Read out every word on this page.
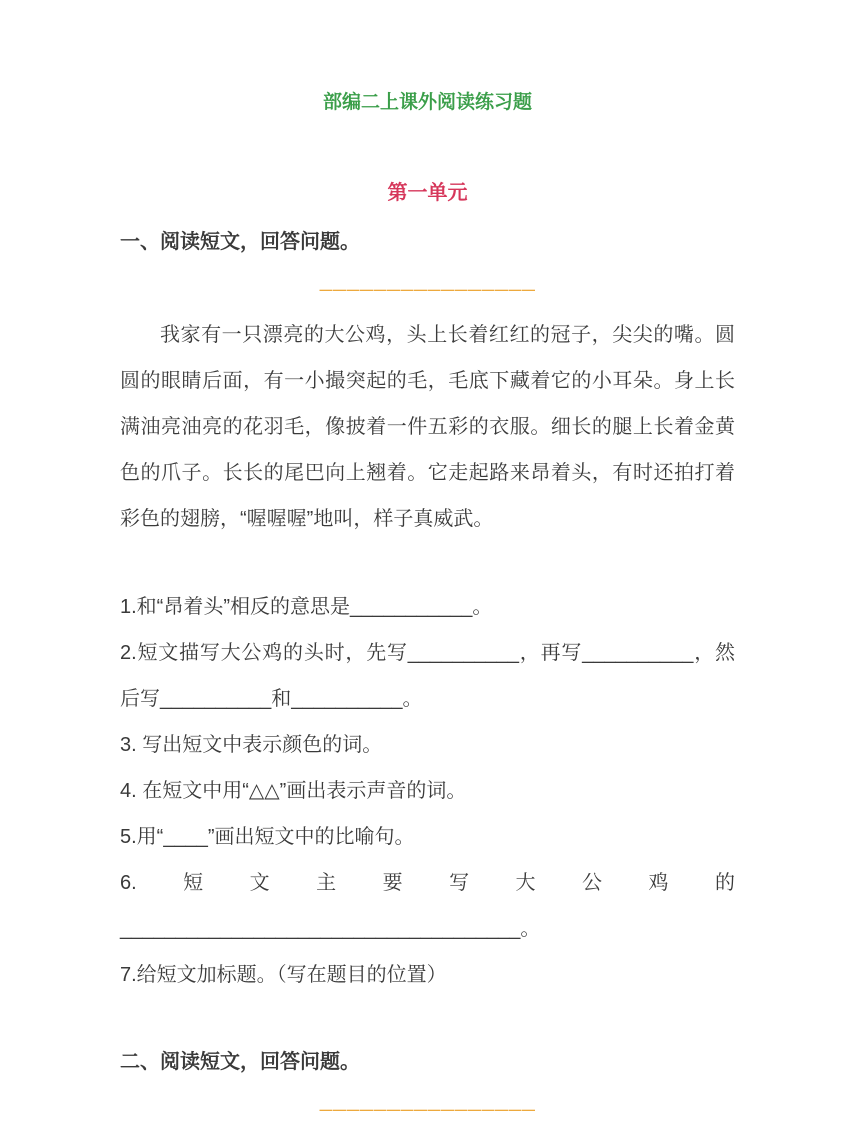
部编二上课外阅读练习题
第一单元
一、阅读短文，回答问题。
————————————————

我家有一只漂亮的大公鸡，头上长着红红的冠子，尖尖的嘴。圆圆的眼睛后面，有一小撮突起的毛，毛底下藏着它的小耳朵。身上长满油亮油亮的花羽毛，像披着一件五彩的衣服。细长的腿上长着金黄色的爪子。长长的尾巴向上翘着。它走起路来昂着头，有时还拍打着彩色的翅膀，“喔喔喔”地叫，样子真威武。

1.和“昂着头”相反的意思是___________。

2.短文描写大公鸡的头时，先写__________，再写__________，然后写__________和__________。

3. 写出短文中表示颜色的词。

4. 在短文中用“△△”画出表示声音的词。

5.用“____”画出短文中的比喻句。

6.短文主要写大公鸡的____________________________________。

7.给短文加标题。（写在题目的位置）

二、阅读短文，回答问题。
————————————————
